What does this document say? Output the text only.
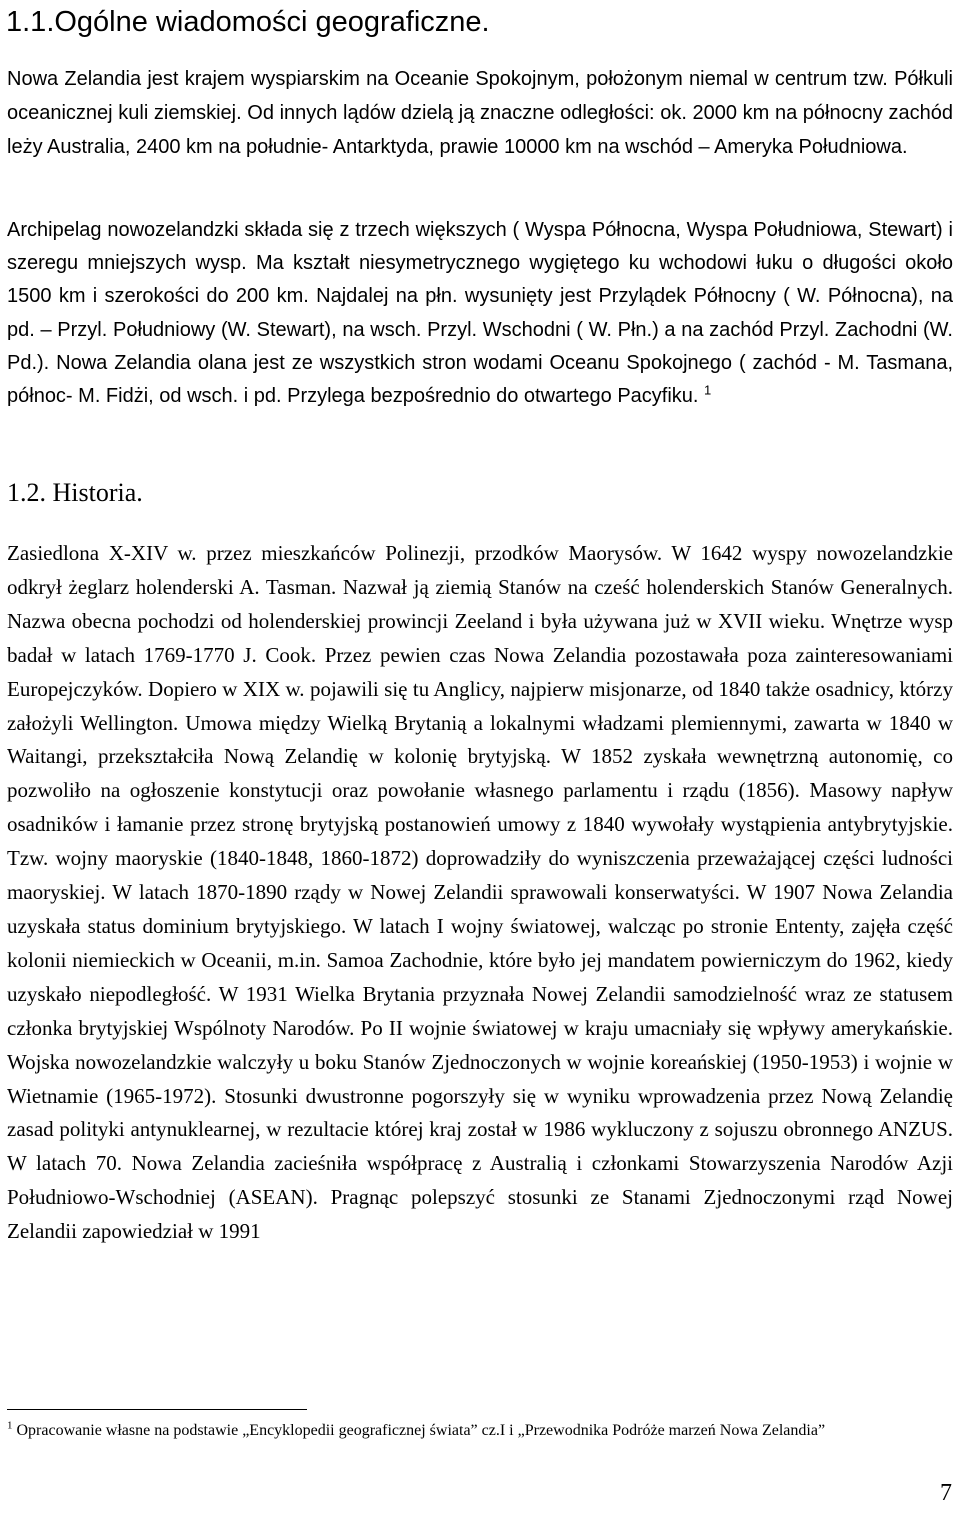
1.1.Ogólne wiadomości geograficzne.

Nowa Zelandia jest krajem wyspiarskim na Oceanie Spokojnym, położonym niemal w centrum tzw. Półkuli oceanicznej kuli ziemskiej. Od innych lądów dzielą ją znaczne odległości: ok. 2000 km na północny zachód leży Australia, 2400 km na południe- Antarktyda, prawie 10000 km na wschód – Ameryka Południowa.

Archipelag nowozelandzki składa się z trzech większych ( Wyspa Północna, Wyspa Południowa, Stewart) i szeregu mniejszych wysp. Ma kształt niesymetrycznego wygiętego ku wchodowi łuku o długości około 1500 km i szerokości do 200 km. Najdalej na płn. wysunięty jest Przylądek Północny ( W. Północna), na pd. – Przyl. Południowy (W. Stewart), na wsch. Przyl. Wschodni ( W. Płn.) a na zachód Przyl. Zachodni (W. Pd.). Nowa Zelandia olana jest ze wszystkich stron wodami Oceanu Spokojnego ( zachód - M. Tasmana, północ- M. Fidżi, od wsch. i pd. Przylega bezpośrednio do otwartego Pacyfiku. $^1$

1.2. Historia.

Zasiedlona X-XIV w. przez mieszkańców Polinezji, przodków Maorysów. W 1642 wyspy nowozelandzkie odkrył żeglarz holenderski A. Tasman. Nazwał ją ziemią Stanów na cześć holenderskich Stanów Generalnych. Nazwa obecna pochodzi od holenderskiej prowincji Zeeland i była używana już w XVII wieku. Wnętrze wysp badał w latach 1769-1770 J. Cook. Przez pewien czas Nowa Zelandia pozostawała poza zainteresowaniami Europejczyków. Dopiero w XIX w. pojawili się tu Anglicy, najpierw misjonarze, od 1840 także osadnicy, którzy założyli Wellington. Umowa między Wielką Brytanią a lokalnymi władzami plemiennymi, zawarta w 1840 w Waitangi, przekształciła Nową Zelandię w kolonię brytyjską. W 1852 zyskała wewnętrzną autonomię, co pozwoliło na ogłoszenie konstytucji oraz powołanie własnego parlamentu i rządu (1856). Masowy napływ osadników i łamanie przez stronę brytyjską postanowień umowy z 1840 wywołały wystąpienia antybrytyjskie. Tzw. wojny maoryskie (1840-1848, 1860-1872) doprowadziły do wyniszczenia przeważającej części ludności maoryskiej. W latach 1870-1890 rządy w Nowej Zelandii sprawowali konserwatyści. W 1907 Nowa Zelandia uzyskała status dominium brytyjskiego. W latach I wojny światowej, walcząc po stronie Ententy, zajęła część kolonii niemieckich w Oceanii, m.in. Samoa Zachodnie, które było jej mandatem powierniczym do 1962, kiedy uzyskało niepodległość. W 1931 Wielka Brytania przyznała Nowej Zelandii samodzielność wraz ze statusem członka brytyjskiej Wspólnoty Narodów. Po II wojnie światowej w kraju umacniały się wpływy amerykańskie. Wojska nowozelandzkie walczyły u boku Stanów Zjednoczonych w wojnie koreańskiej (1950-1953) i wojnie w Wietnamie (1965-1972). Stosunki dwustronne pogorszyły się w wyniku wprowadzenia przez Nową Zelandię zasad polityki antynuklearnej, w rezultacie której kraj został w 1986 wykluczony z sojuszu obronnego ANZUS. W latach 70. Nowa Zelandia zacieśniła współpracę z Australią i członkami Stowarzyszenia Narodów Azji Południowo-Wschodniej (ASEAN). Pragnąc polepszyć stosunki ze Stanami Zjednoczonymi rząd Nowej Zelandii zapowiedział w 1991

$^1$ Opracowanie własne na podstawie „Encyklopedii geograficznej świata” cz.I i „Przewodnika Podróże marzeń Nowa Zelandia”

7
